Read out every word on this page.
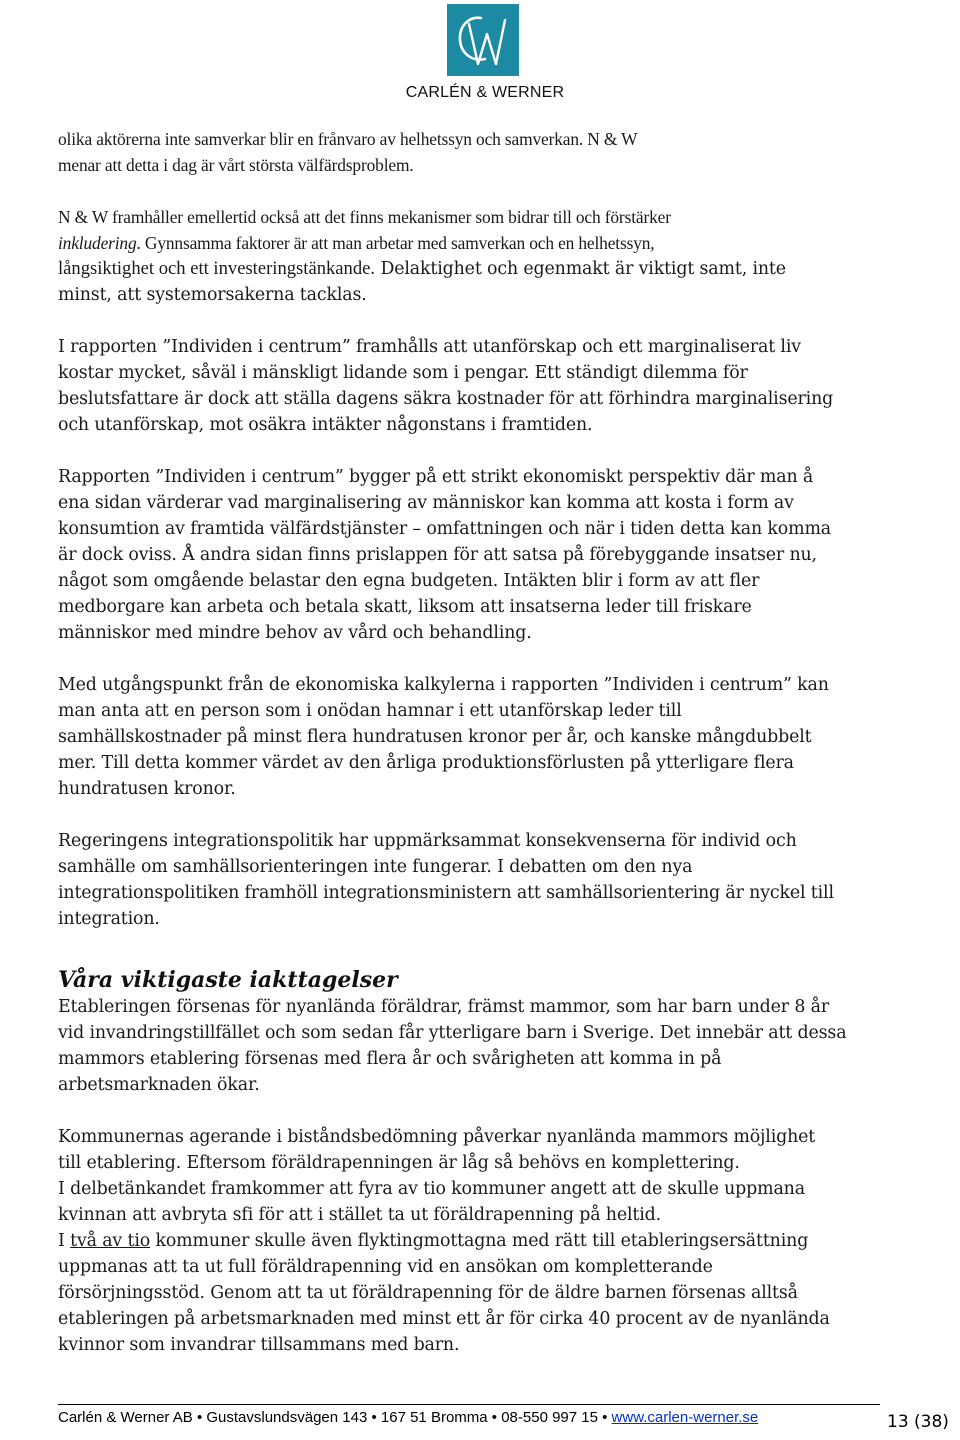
CARLÉN & WERNER

olika aktörerna inte samverkar blir en frånvaro av helhetssyn och samverkan. N & W

menar att detta i dag är vårt största välfärdsproblem.

N & W framhåller emellertid också att det finns mekanismer som bidrar till och förstärker

inkludering. Gynnsamma faktorer är att man arbetar med samverkan och en helhetssyn,

långsiktighet och ett investeringstänkande. Delaktighet och egenmakt är viktigt samt, inte

minst, att systemorsakerna tacklas.

I rapporten ”Individen i centrum” framhålls att utanförskap och ett marginaliserat liv

kostar mycket, såväl i mänskligt lidande som i pengar. Ett ständigt dilemma för

beslutsfattare är dock att ställa dagens säkra kostnader för att förhindra marginalisering

och utanförskap, mot osäkra intäkter någonstans i framtiden.

Rapporten ”Individen i centrum” bygger på ett strikt ekonomiskt perspektiv där man å

ena sidan värderar vad marginalisering av människor kan komma att kosta i form av

konsumtion av framtida välfärdstjänster – omfattningen och när i tiden detta kan komma

är dock oviss. Å andra sidan finns prislappen för att satsa på förebyggande insatser nu,

något som omgående belastar den egna budgeten. Intäkten blir i form av att fler

medborgare kan arbeta och betala skatt, liksom att insatserna leder till friskare

människor med mindre behov av vård och behandling.

Med utgångspunkt från de ekonomiska kalkylerna i rapporten ”Individen i centrum” kan

man anta att en person som i onödan hamnar i ett utanförskap leder till

samhällskostnader på minst flera hundratusen kronor per år, och kanske mångdubbelt

mer. Till detta kommer värdet av den årliga produktionsförlusten på ytterligare flera

hundratusen kronor.

Regeringens integrationspolitik har uppmärksammat konsekvenserna för individ och

samhälle om samhällsorienteringen inte fungerar. I debatten om den nya

integrationspolitiken framhöll integrationsministern att samhällsorientering är nyckel till

integration.

Våra viktigaste iakttagelser

Etableringen försenas för nyanlända föräldrar, främst mammor, som har barn under 8 år

vid invandringstillfället och som sedan får ytterligare barn i Sverige. Det innebär att dessa

mammors etablering försenas med flera år och svårigheten att komma in på

arbetsmarknaden ökar.

Kommunernas agerande i biståndsbedömning påverkar nyanlända mammors möjlighet

till etablering. Eftersom föräldrapenningen är låg så behövs en komplettering.

I delbetänkandet framkommer att fyra av tio kommuner angett att de skulle uppmana

kvinnan att avbryta sfi för att i stället ta ut föräldrapenning på heltid.

I två av tio kommuner skulle även flyktingmottagna med rätt till etableringsersättning

uppmanas att ta ut full föräldrapenning vid en ansökan om kompletterande

försörjningsstöd. Genom att ta ut föräldrapenning för de äldre barnen försenas alltså

etableringen på arbetsmarknaden med minst ett år för cirka 40 procent av de nyanlända

kvinnor som invandrar tillsammans med barn.

Carlén & Werner AB • Gustavslundsvägen 143 • 167 51 Bromma • 08-550 997 15 • www.carlen-werner.se	13 (38)
